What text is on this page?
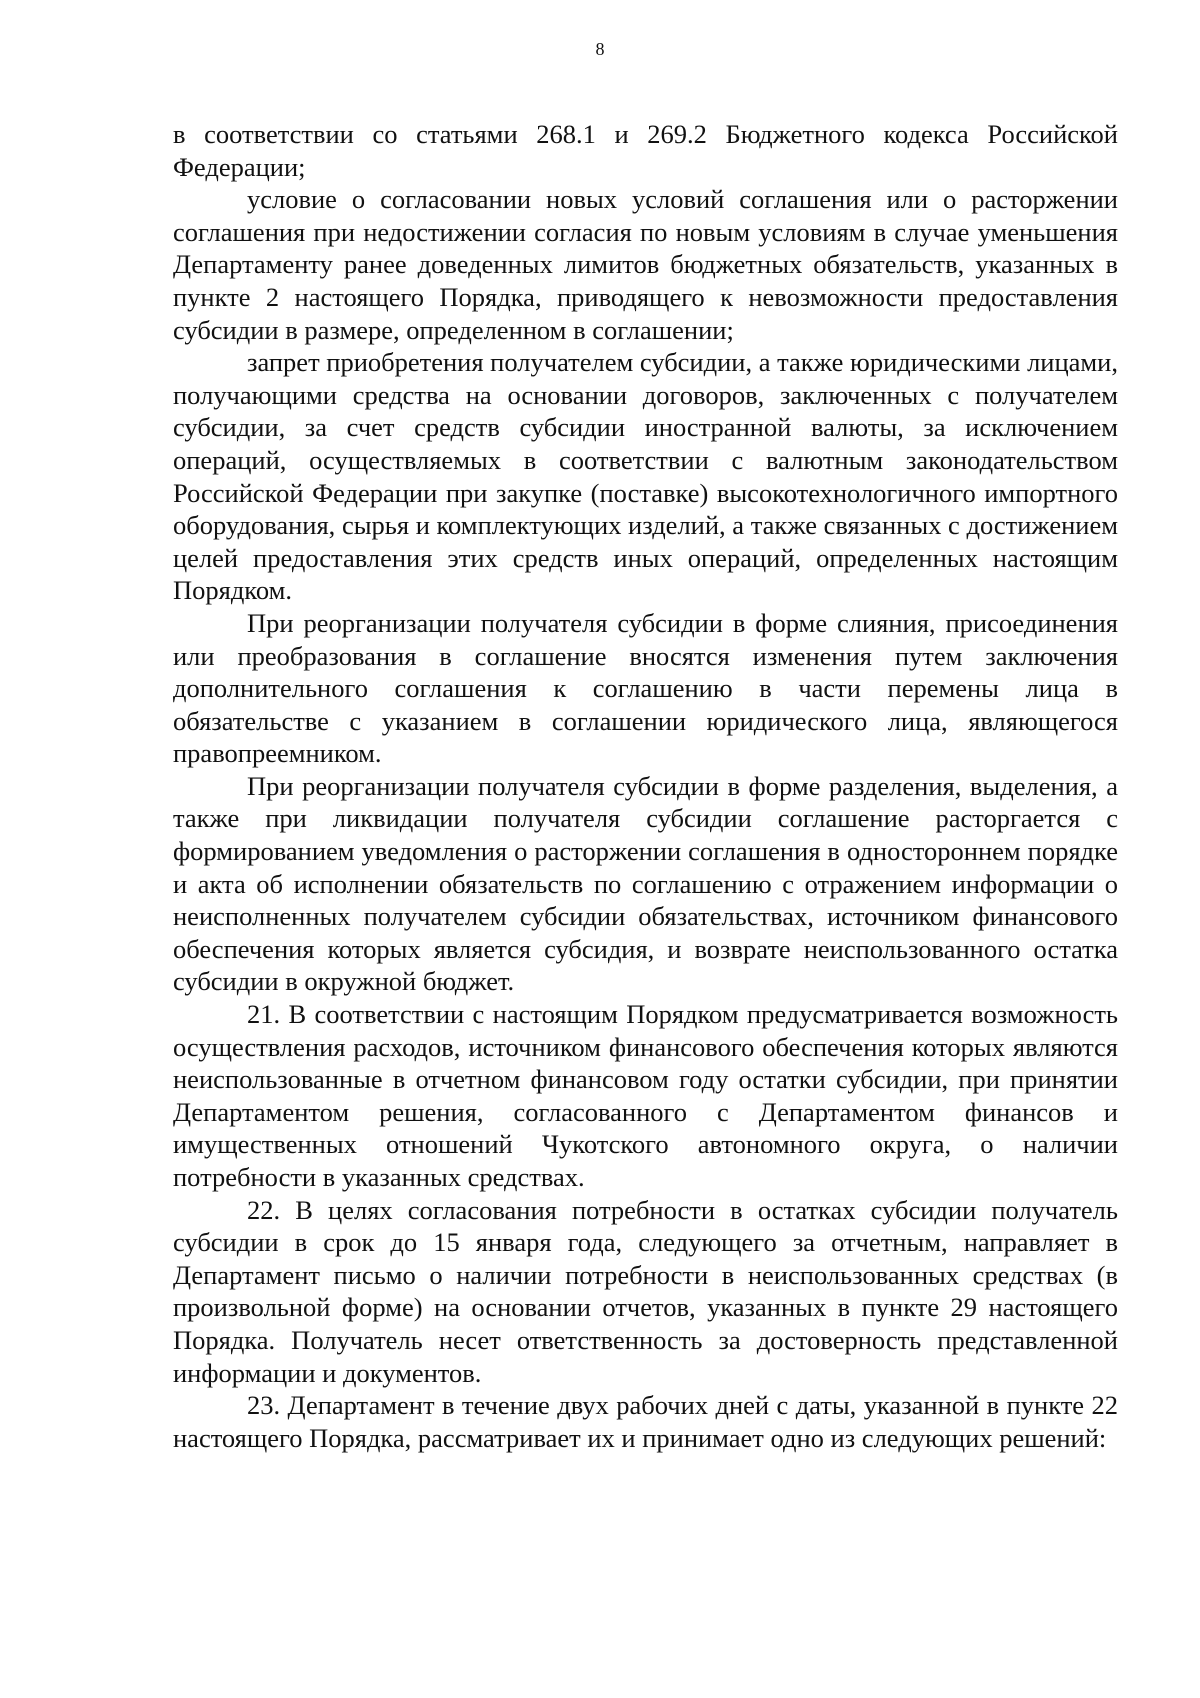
8

в соответствии со статьями 268.1 и 269.2 Бюджетного кодекса Российской Федерации;

условие о согласовании новых условий соглашения или о расторжении соглашения при недостижении согласия по новым условиям в случае уменьшения Департаменту ранее доведенных лимитов бюджетных обязательств, указанных в пункте 2 настоящего Порядка, приводящего к невозможности предоставления субсидии в размере, определенном в соглашении;

запрет приобретения получателем субсидии, а также юридическими лицами, получающими средства на основании договоров, заключенных с получателем субсидии, за счет средств субсидии иностранной валюты, за исключением операций, осуществляемых в соответствии с валютным законодательством Российской Федерации при закупке (поставке) высокотехнологичного импортного оборудования, сырья и комплектующих изделий, а также связанных с достижением целей предоставления этих средств иных операций, определенных настоящим Порядком.

При реорганизации получателя субсидии в форме слияния, присоединения или преобразования в соглашение вносятся изменения путем заключения дополнительного соглашения к соглашению в части перемены лица в обязательстве с указанием в соглашении юридического лица, являющегося правопреемником.

При реорганизации получателя субсидии в форме разделения, выделения, а также при ликвидации получателя субсидии соглашение расторгается с формированием уведомления о расторжении соглашения в одностороннем порядке и акта об исполнении обязательств по соглашению с отражением информации о неисполненных получателем субсидии обязательствах, источником финансового обеспечения которых является субсидия, и возврате неиспользованного остатка субсидии в окружной бюджет.

21. В соответствии с настоящим Порядком предусматривается возможность осуществления расходов, источником финансового обеспечения которых являются неиспользованные в отчетном финансовом году остатки субсидии, при принятии Департаментом решения, согласованного с Департаментом финансов и имущественных отношений Чукотского автономного округа, о наличии потребности в указанных средствах.

22. В целях согласования потребности в остатках субсидии получатель субсидии в срок до 15 января года, следующего за отчетным, направляет в Департамент письмо о наличии потребности в неиспользованных средствах (в произвольной форме) на основании отчетов, указанных в пункте 29 настоящего Порядка. Получатель несет ответственность за достоверность представленной информации и документов.

23. Департамент в течение двух рабочих дней с даты, указанной в пункте 22 настоящего Порядка, рассматривает их и принимает одно из следующих решений:
